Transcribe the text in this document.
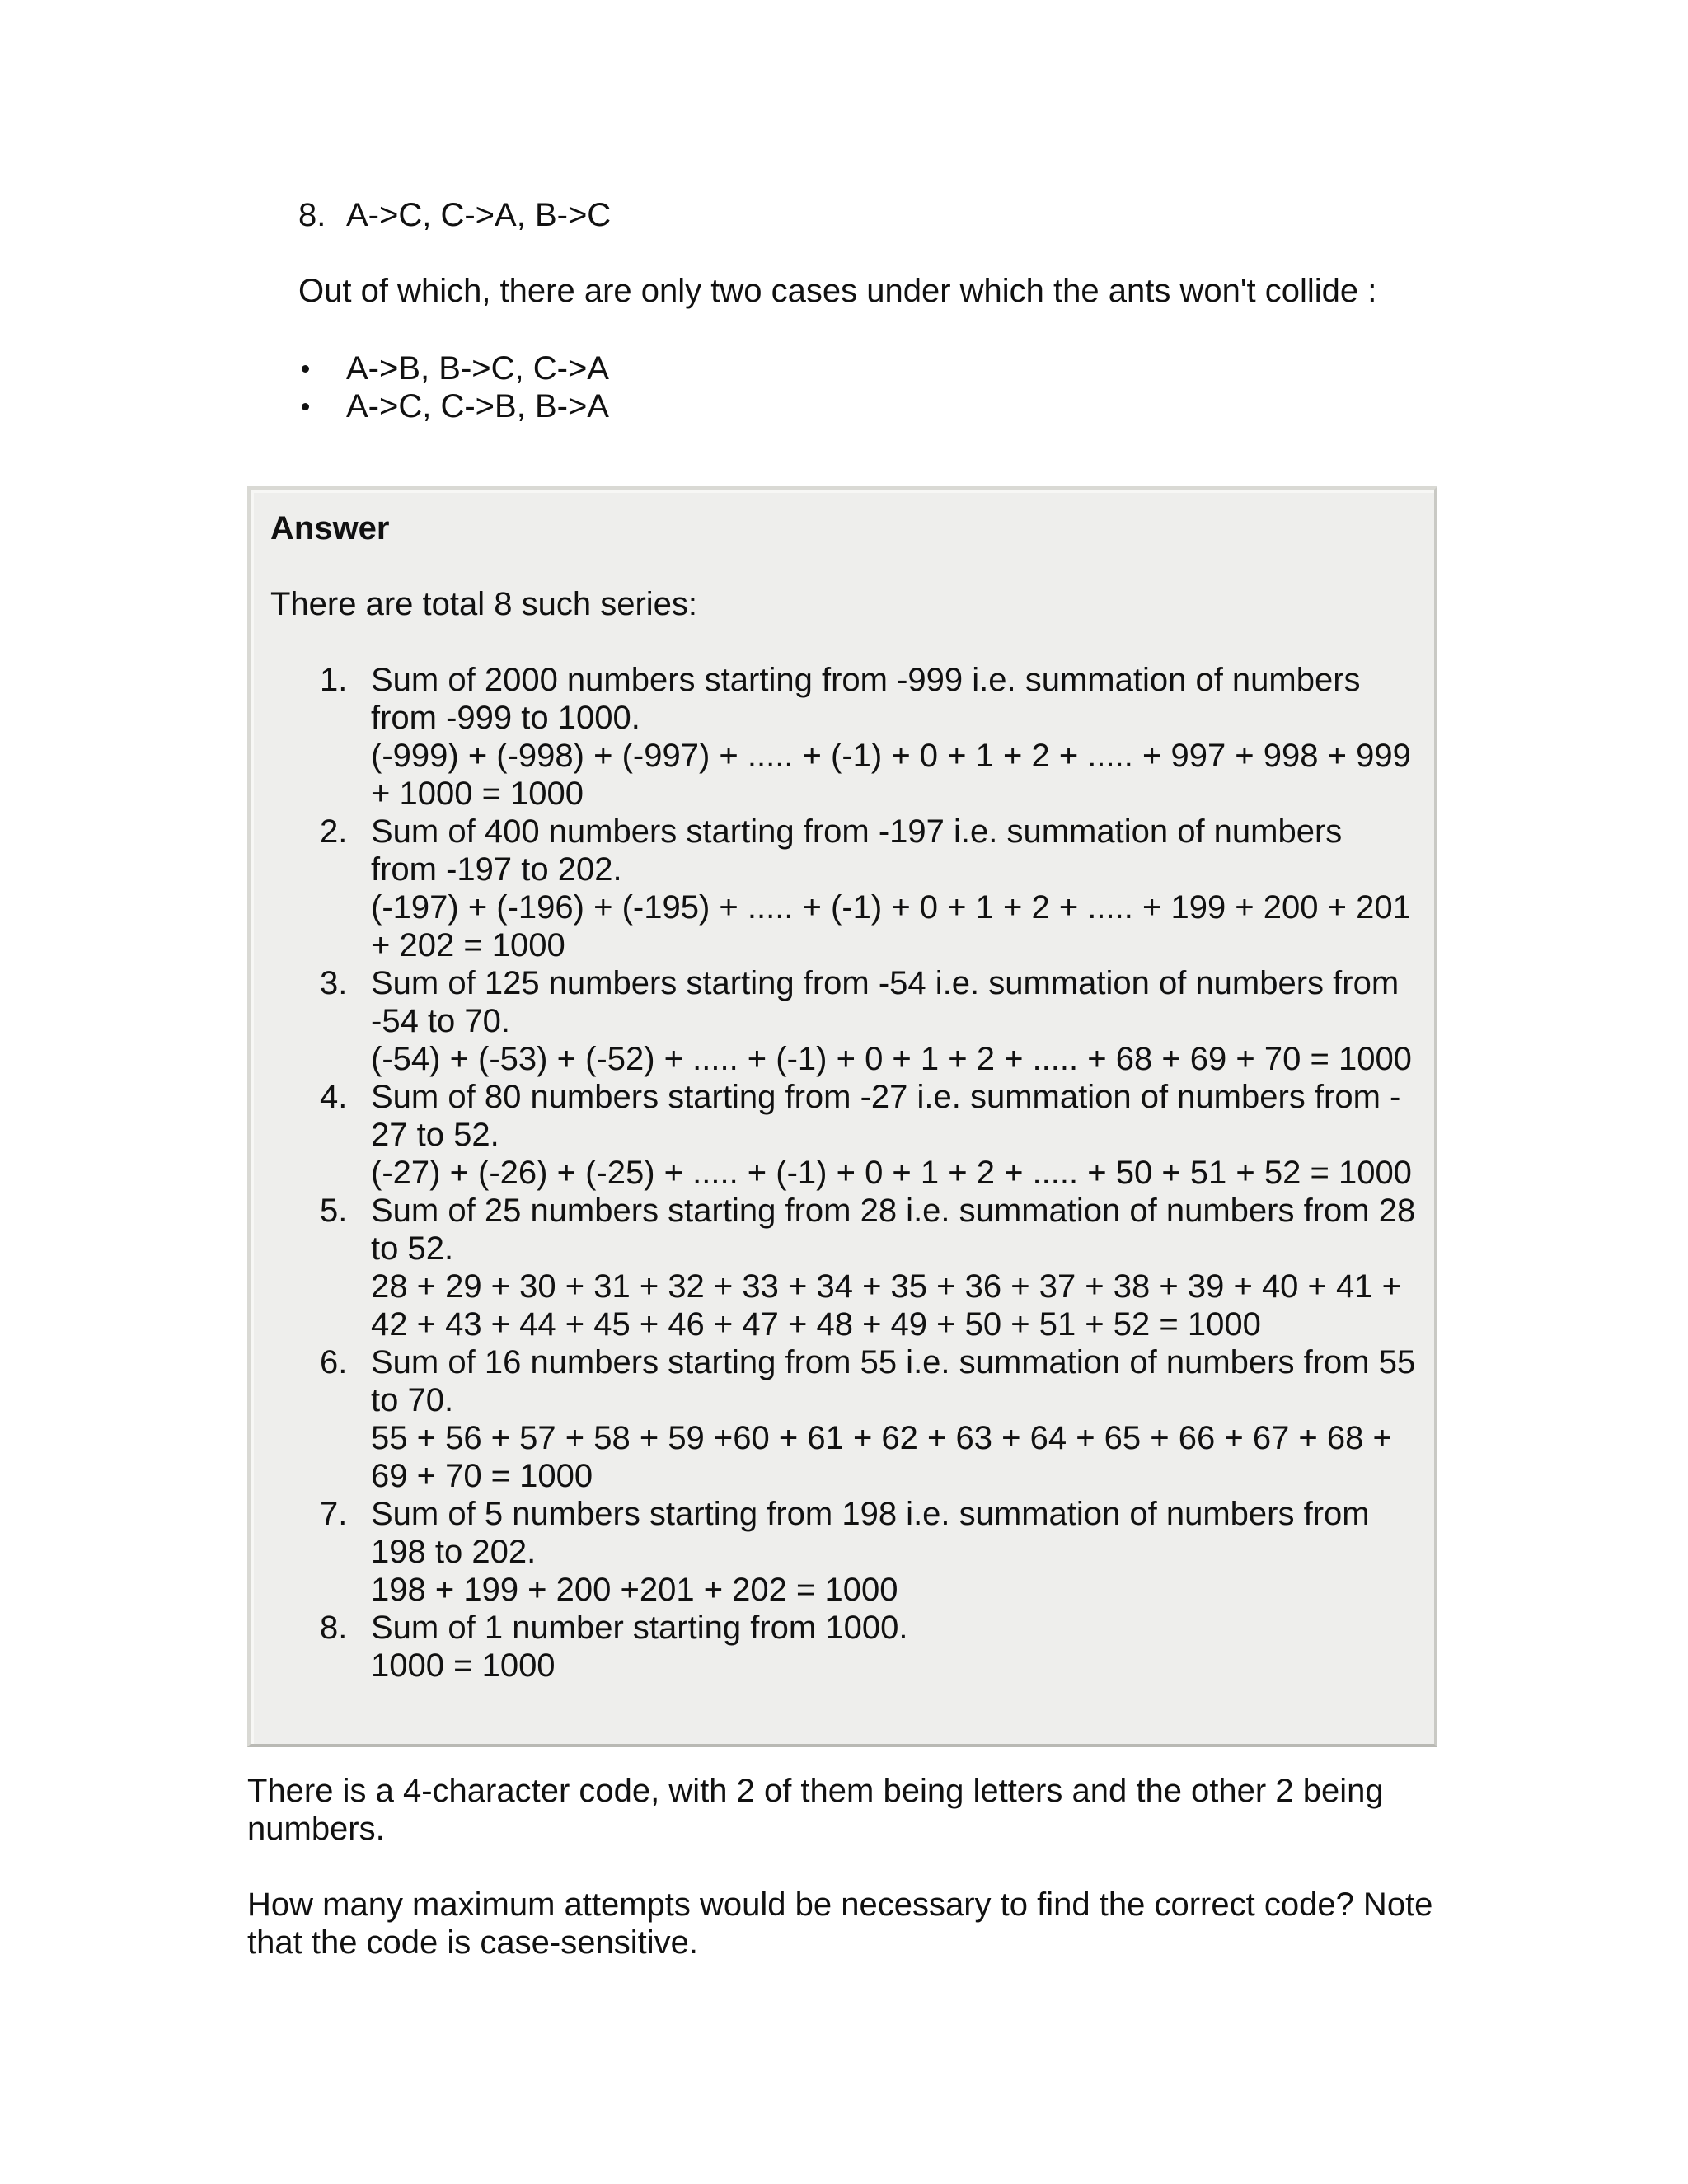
8. A->C, C->A, B->C
Out of which, there are only two cases under which the ants won't collide :
A->B, B->C, C->A
A->C, C->B, B->A
Answer
There are total 8 such series:
1. Sum of 2000 numbers starting from -999 i.e. summation of numbers
from -999 to 1000.
(-999) + (-998) + (-997) + ..... + (-1) + 0 + 1 + 2 + ..... + 997 + 998 + 999
+ 1000 = 1000
2. Sum of 400 numbers starting from -197 i.e. summation of numbers
from -197 to 202.
(-197) + (-196) + (-195) + ..... + (-1) + 0 + 1 + 2 + ..... + 199 + 200 + 201
+ 202 = 1000
3. Sum of 125 numbers starting from -54 i.e. summation of numbers from
-54 to 70.
(-54) + (-53) + (-52) + ..... + (-1) + 0 + 1 + 2 + ..... + 68 + 69 + 70 = 1000
4. Sum of 80 numbers starting from -27 i.e. summation of numbers from -
27 to 52.
(-27) + (-26) + (-25) + ..... + (-1) + 0 + 1 + 2 + ..... + 50 + 51 + 52 = 1000
5. Sum of 25 numbers starting from 28 i.e. summation of numbers from 28
to 52.
28 + 29 + 30 + 31 + 32 + 33 + 34 + 35 + 36 + 37 + 38 + 39 + 40 + 41 +
42 + 43 + 44 + 45 + 46 + 47 + 48 + 49 + 50 + 51 + 52 = 1000
6. Sum of 16 numbers starting from 55 i.e. summation of numbers from 55
to 70.
55 + 56 + 57 + 58 + 59 +60 + 61 + 62 + 63 + 64 + 65 + 66 + 67 + 68 +
69 + 70 = 1000
7. Sum of 5 numbers starting from 198 i.e. summation of numbers from
198 to 202.
198 + 199 + 200 +201 + 202 = 1000
8. Sum of 1 number starting from 1000.
1000 = 1000
There is a 4-character code, with 2 of them being letters and the other 2 being numbers.
How many maximum attempts would be necessary to find the correct code? Note that the code is case-sensitive.
